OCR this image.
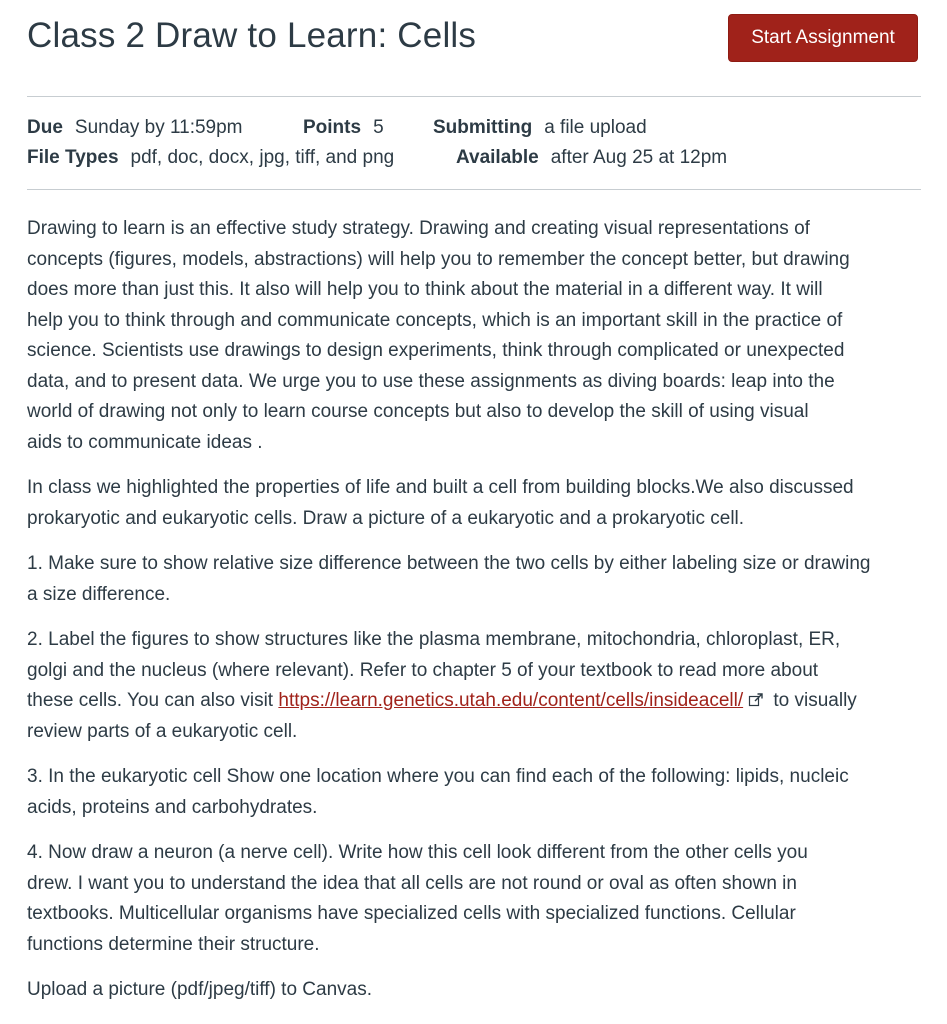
Class 2 Draw to Learn: Cells	Start Assignment
Due Sunday by 11:59pm	Points 5	Submitting a file upload
File Types pdf, doc, docx, jpg, tiff, and png	Available after Aug 25 at 12pm

Drawing to learn is an effective study strategy. Drawing and creating visual representations of
concepts (figures, models, abstractions) will help you to remember the concept better, but drawing
does more than just this. It also will help you to think about the material in a different way. It will
help you to think through and communicate concepts, which is an important skill in the practice of
science. Scientists use drawings to design experiments, think through complicated or unexpected
data, and to present data. We urge you to use these assignments as diving boards: leap into the
world of drawing not only to learn course concepts but also to develop the skill of using visual
aids to communicate ideas .

In class we highlighted the properties of life and built a cell from building blocks.We also discussed
prokaryotic and eukaryotic cells. Draw a picture of a eukaryotic and a prokaryotic cell.

1. Make sure to show relative size difference between the two cells by either labeling size or drawing
a size difference.

2. Label the figures to show structures like the plasma membrane, mitochondria, chloroplast, ER,
golgi and the nucleus (where relevant). Refer to chapter 5 of your textbook to read more about
these cells. You can also visit https://learn.genetics.utah.edu/content/cells/insideacell/ to visually
review parts of a eukaryotic cell.

3. In the eukaryotic cell Show one location where you can find each of the following: lipids, nucleic
acids, proteins and carbohydrates.

4. Now draw a neuron (a nerve cell). Write how this cell look different from the other cells you
drew. I want you to understand the idea that all cells are not round or oval as often shown in
textbooks. Multicellular organisms have specialized cells with specialized functions. Cellular
functions determine their structure.

Upload a picture (pdf/jpeg/tiff) to Canvas.
